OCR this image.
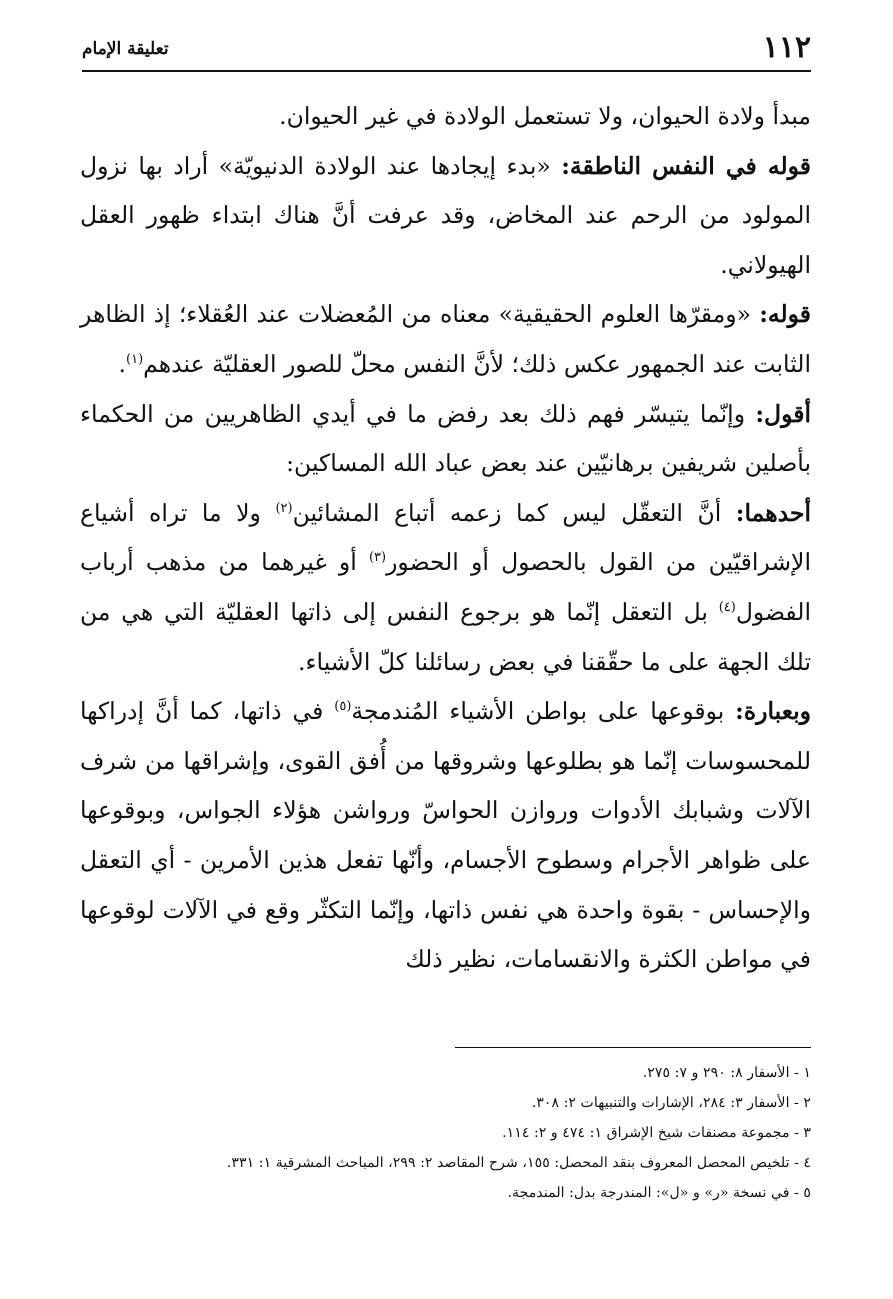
١١٢
تعليقة الإمام

مبدأ ولادة الحيوان، ولا تستعمل الولادة في غير الحيوان.

قوله في النفس الناطقة: «بدء إيجادها عند الولادة الدنيويّة» أراد بها نزول المولود من الرحم عند المخاض، وقد عرفت أنَّ هناك ابتداء ظهور العقل الهيولاني.

قوله: «ومقرّها العلوم الحقيقية» معناه من المُعضلات عند العُقلاء؛ إذ الظاهر الثابت عند الجمهور عكس ذلك؛ لأنَّ النفس محلّ للصور العقليّة عندهم$^{(١)}$.

أقول: وإنّما يتيسّر فهم ذلك بعد رفض ما في أيدي الظاهريين من الحكماء بأصلين شريفين برهانيّين عند بعض عباد الله المساكين:

أحدهما: أنَّ التعقّل ليس كما زعمه أتباع المشائين$^{(٢)}$ ولا ما تراه أشياع الإشراقيّين من القول بالحصول أو الحضور$^{(٣)}$ أو غيرهما من مذهب أرباب الفضول$^{(٤)}$ بل التعقل إنّما هو برجوع النفس إلى ذاتها العقليّة التي هي من تلك الجهة على ما حقّقنا في بعض رسائلنا كلّ الأشياء.

وبعبارة: بوقوعها على بواطن الأشياء المُندمجة$^{(٥)}$ في ذاتها، كما أنَّ إدراكها للمحسوسات إنّما هو بطلوعها وشروقها من أُفق القوى، وإشراقها من شرف الآلات وشبابك الأدوات وروازن الحواسّ ورواشن هؤلاء الجواس، وبوقوعها على ظواهر الأجرام وسطوح الأجسام، وأنّها تفعل هذين الأمرين - أي التعقل والإحساس - بقوة واحدة هي نفس ذاتها، وإنّما التكثّر وقع في الآلات لوقوعها في مواطن الكثرة والانقسامات، نظير ذلك

١ - الأسفار ٨: ٢٩٠ و ٧: ٢٧٥.

٢ - الأسفار ٣: ٢٨٤، الإشارات والتنبيهات ٢: ٣٠٨.

٣ - مجموعة مصنفات شيخ الإشراق ١: ٤٧٤ و ٢: ١١٤.

٤ - تلخيص المحصل المعروف بنقد المحصل: ١٥٥، شرح المقاصد ٢: ٢٩٩، المباحث المشرقية ١: ٣٣١.

٥ - في نسخة «ر» و «ل»: المندرجة بدل: المندمجة.
